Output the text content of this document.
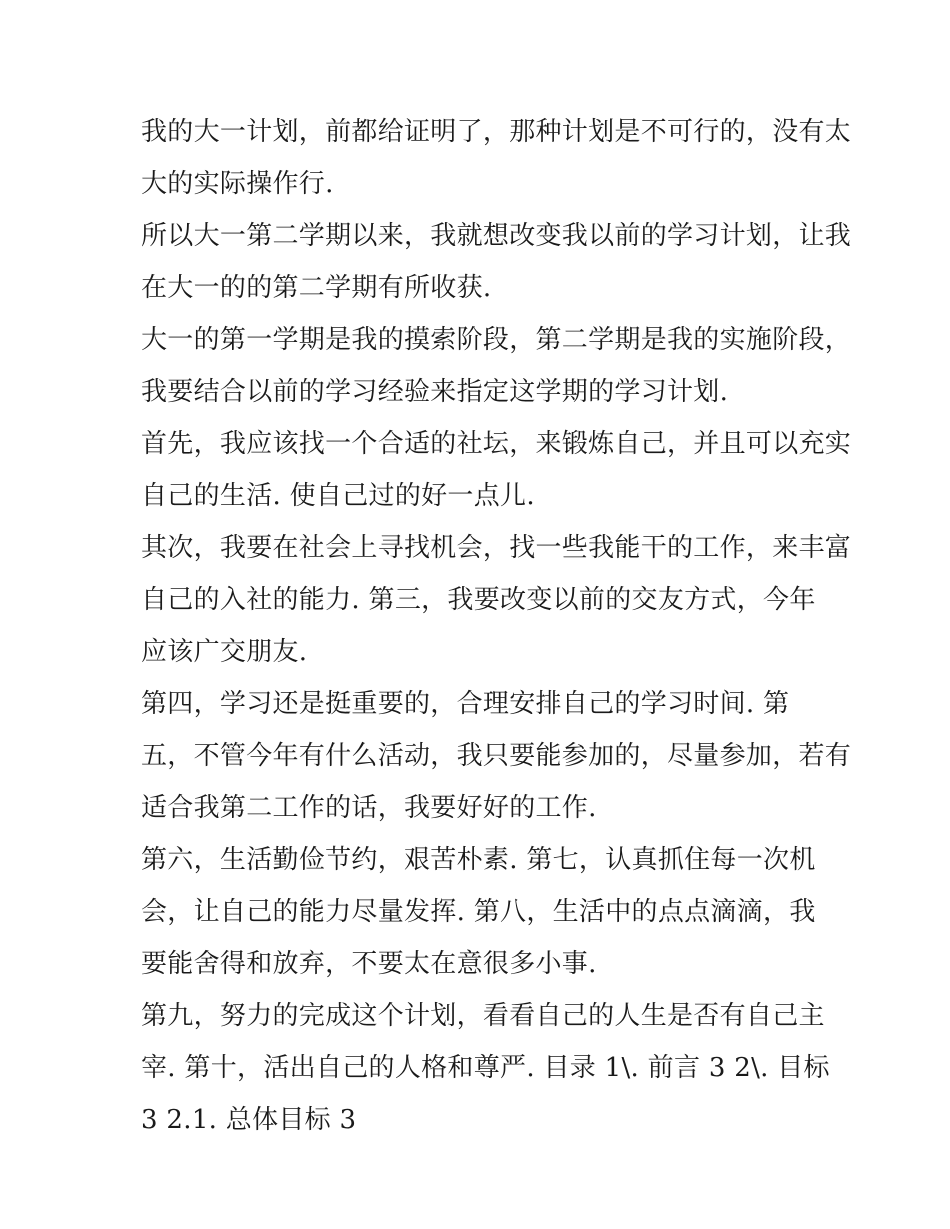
我的大一计划，前都给证明了，那种计划是不可行的，没有太
大的实际操作行.
所以大一第二学期以来，我就想改变我以前的学习计划，让我
在大一的的第二学期有所收获.
大一的第一学期是我的摸索阶段，第二学期是我的实施阶段，
我要结合以前的学习经验来指定这学期的学习计划.
首先，我应该找一个合适的社坛，来锻炼自己，并且可以充实
自己的生活. 使自己过的好一点儿.
其次，我要在社会上寻找机会，找一些我能干的工作，来丰富
自己的入社的能力. 第三，我要改变以前的交友方式，今年
应该广交朋友.
第四，学习还是挺重要的，合理安排自己的学习时间. 第
五，不管今年有什么活动，我只要能参加的，尽量参加，若有
适合我第二工作的话，我要好好的工作.
第六，生活勤俭节约，艰苦朴素. 第七，认真抓住每一次机
会，让自己的能力尽量发挥. 第八，生活中的点点滴滴，我
要能舍得和放弃，不要太在意很多小事.
第九，努力的完成这个计划，看看自己的人生是否有自己主
宰. 第十，活出自己的人格和尊严. 目录 1\. 前言 3 2\. 目标
3 2.1. 总体目标 3
